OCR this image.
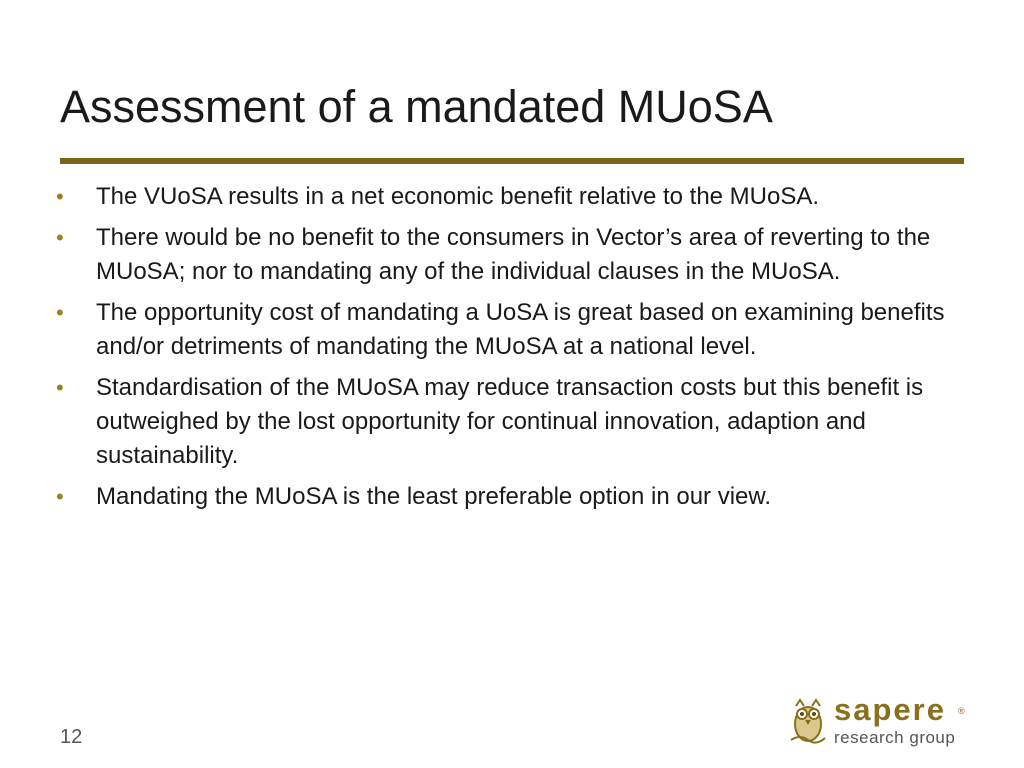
Assessment of a mandated MUoSA
•	The VUoSA results in a net economic benefit relative to the MUoSA.
•	There would be no benefit to the consumers in Vector’s area of reverting to the MUoSA; nor to mandating any of the individual clauses in the MUoSA.
•	The opportunity cost of mandating a UoSA is great based on examining benefits and/or detriments of mandating the MUoSA at a national level.
•	Standardisation of the MUoSA may reduce transaction costs but this benefit is outweighed by the lost opportunity for continual innovation, adaption and sustainability.
•	Mandating the MUoSA is the least preferable option in our view.
12
sapere ®
research group
